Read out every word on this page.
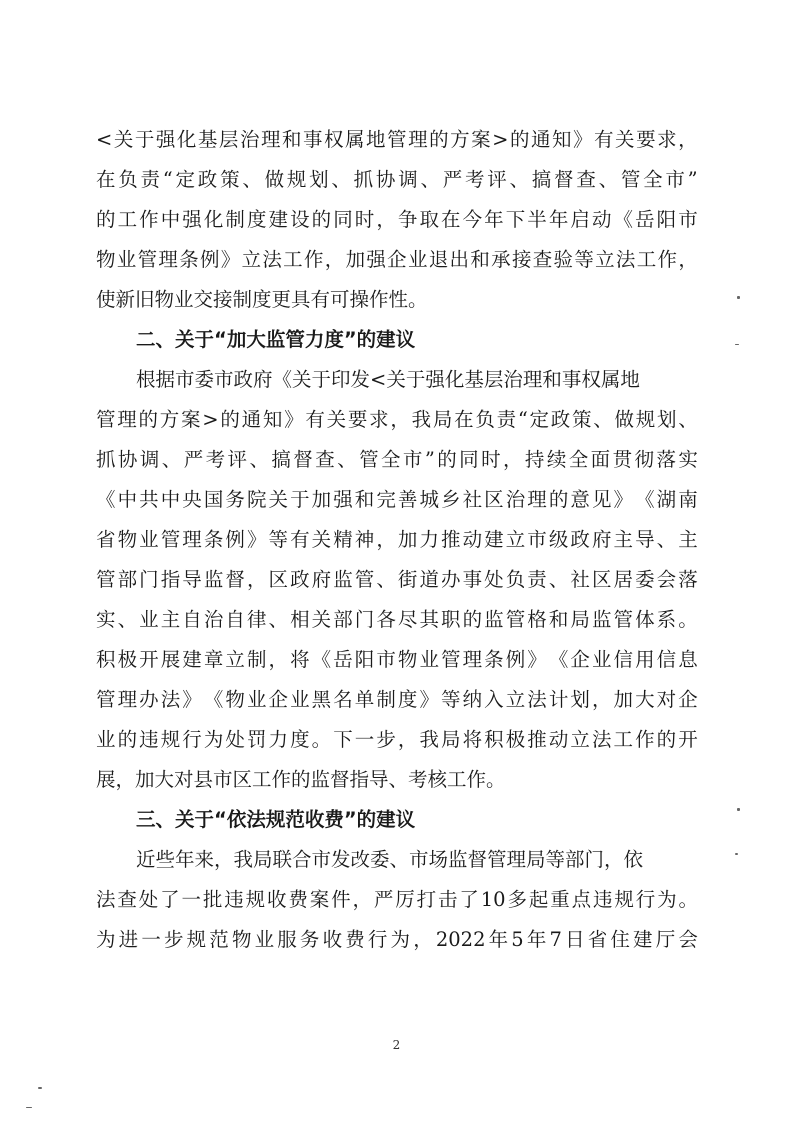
< 关 于 强 化 基 层 治 理 和 事 权 属 地 管 理 的 方 案 > 的 通 知 》 有 关 要 求 ，
在 负 责 “ 定 政 策 、 做 规 划 、 抓 协 调 、 严 考 评 、 搞 督 查 、 管 全 市 ”
的 工 作 中 强 化 制 度 建 设 的 同 时 ， 争 取 在 今 年 下 半 年 启 动 《 岳 阳 市
物 业 管 理 条 例 》 立 法 工 作 ， 加 强 企 业 退 出 和 承 接 查 验 等 立 法 工 作 ，
使新旧物业交接制度更具有可操作性。
二、关于“加大监管力度”的建议
根据市委市政府《关于印发<关于强化基层治理和事权属地
管 理 的 方 案 > 的 通 知 》 有 关 要 求 ， 我 局 在 负 责 “ 定 政 策 、 做 规 划 、
抓 协 调 、 严 考 评 、 搞 督 查 、 管 全 市 ” 的 同 时 ， 持 续 全 面 贯 彻 落 实
《 中 共 中 央 国 务 院 关 于 加 强 和 完 善 城 乡 社 区 治 理 的 意 见 》 《 湖 南
省 物 业 管 理 条 例 》 等 有 关 精 神 ， 加 力 推 动 建 立 市 级 政 府 主 导 、 主
管 部 门 指 导 监 督 ， 区 政 府 监 管 、 街 道 办 事 处 负 责 、 社 区 居 委 会 落
实 、 业 主 自 治 自 律 、 相 关 部 门 各 尽 其 职 的 监 管 格 和 局 监 管 体 系 。
积 极 开 展 建 章 立 制 ， 将 《 岳 阳 市 物 业 管 理 条 例 》 《 企 业 信 用 信 息
管 理 办 法 》 《 物 业 企 业 黑 名 单 制 度 》 等 纳 入 立 法 计 划 ， 加 大 对 企
业 的 违 规 行 为 处 罚 力 度 。 下 一 步 ， 我 局 将 积 极 推 动 立 法 工 作 的 开
展，加大对县市区工作的监督指导、考核工作。
三、关于“依法规范收费”的建议
近些年来，我局联合市发改委、市场监督管理局等部门，依
法 查 处 了 一 批 违 规 收 费 案 件 ， 严 厉 打 击 了 10 多 起 重 点 违 规 行 为 。
为 进 一 步 规 范 物 业 服 务 收 费 行 为 ， 2022 年 5 年 7 日 省 住 建 厅 会
2
